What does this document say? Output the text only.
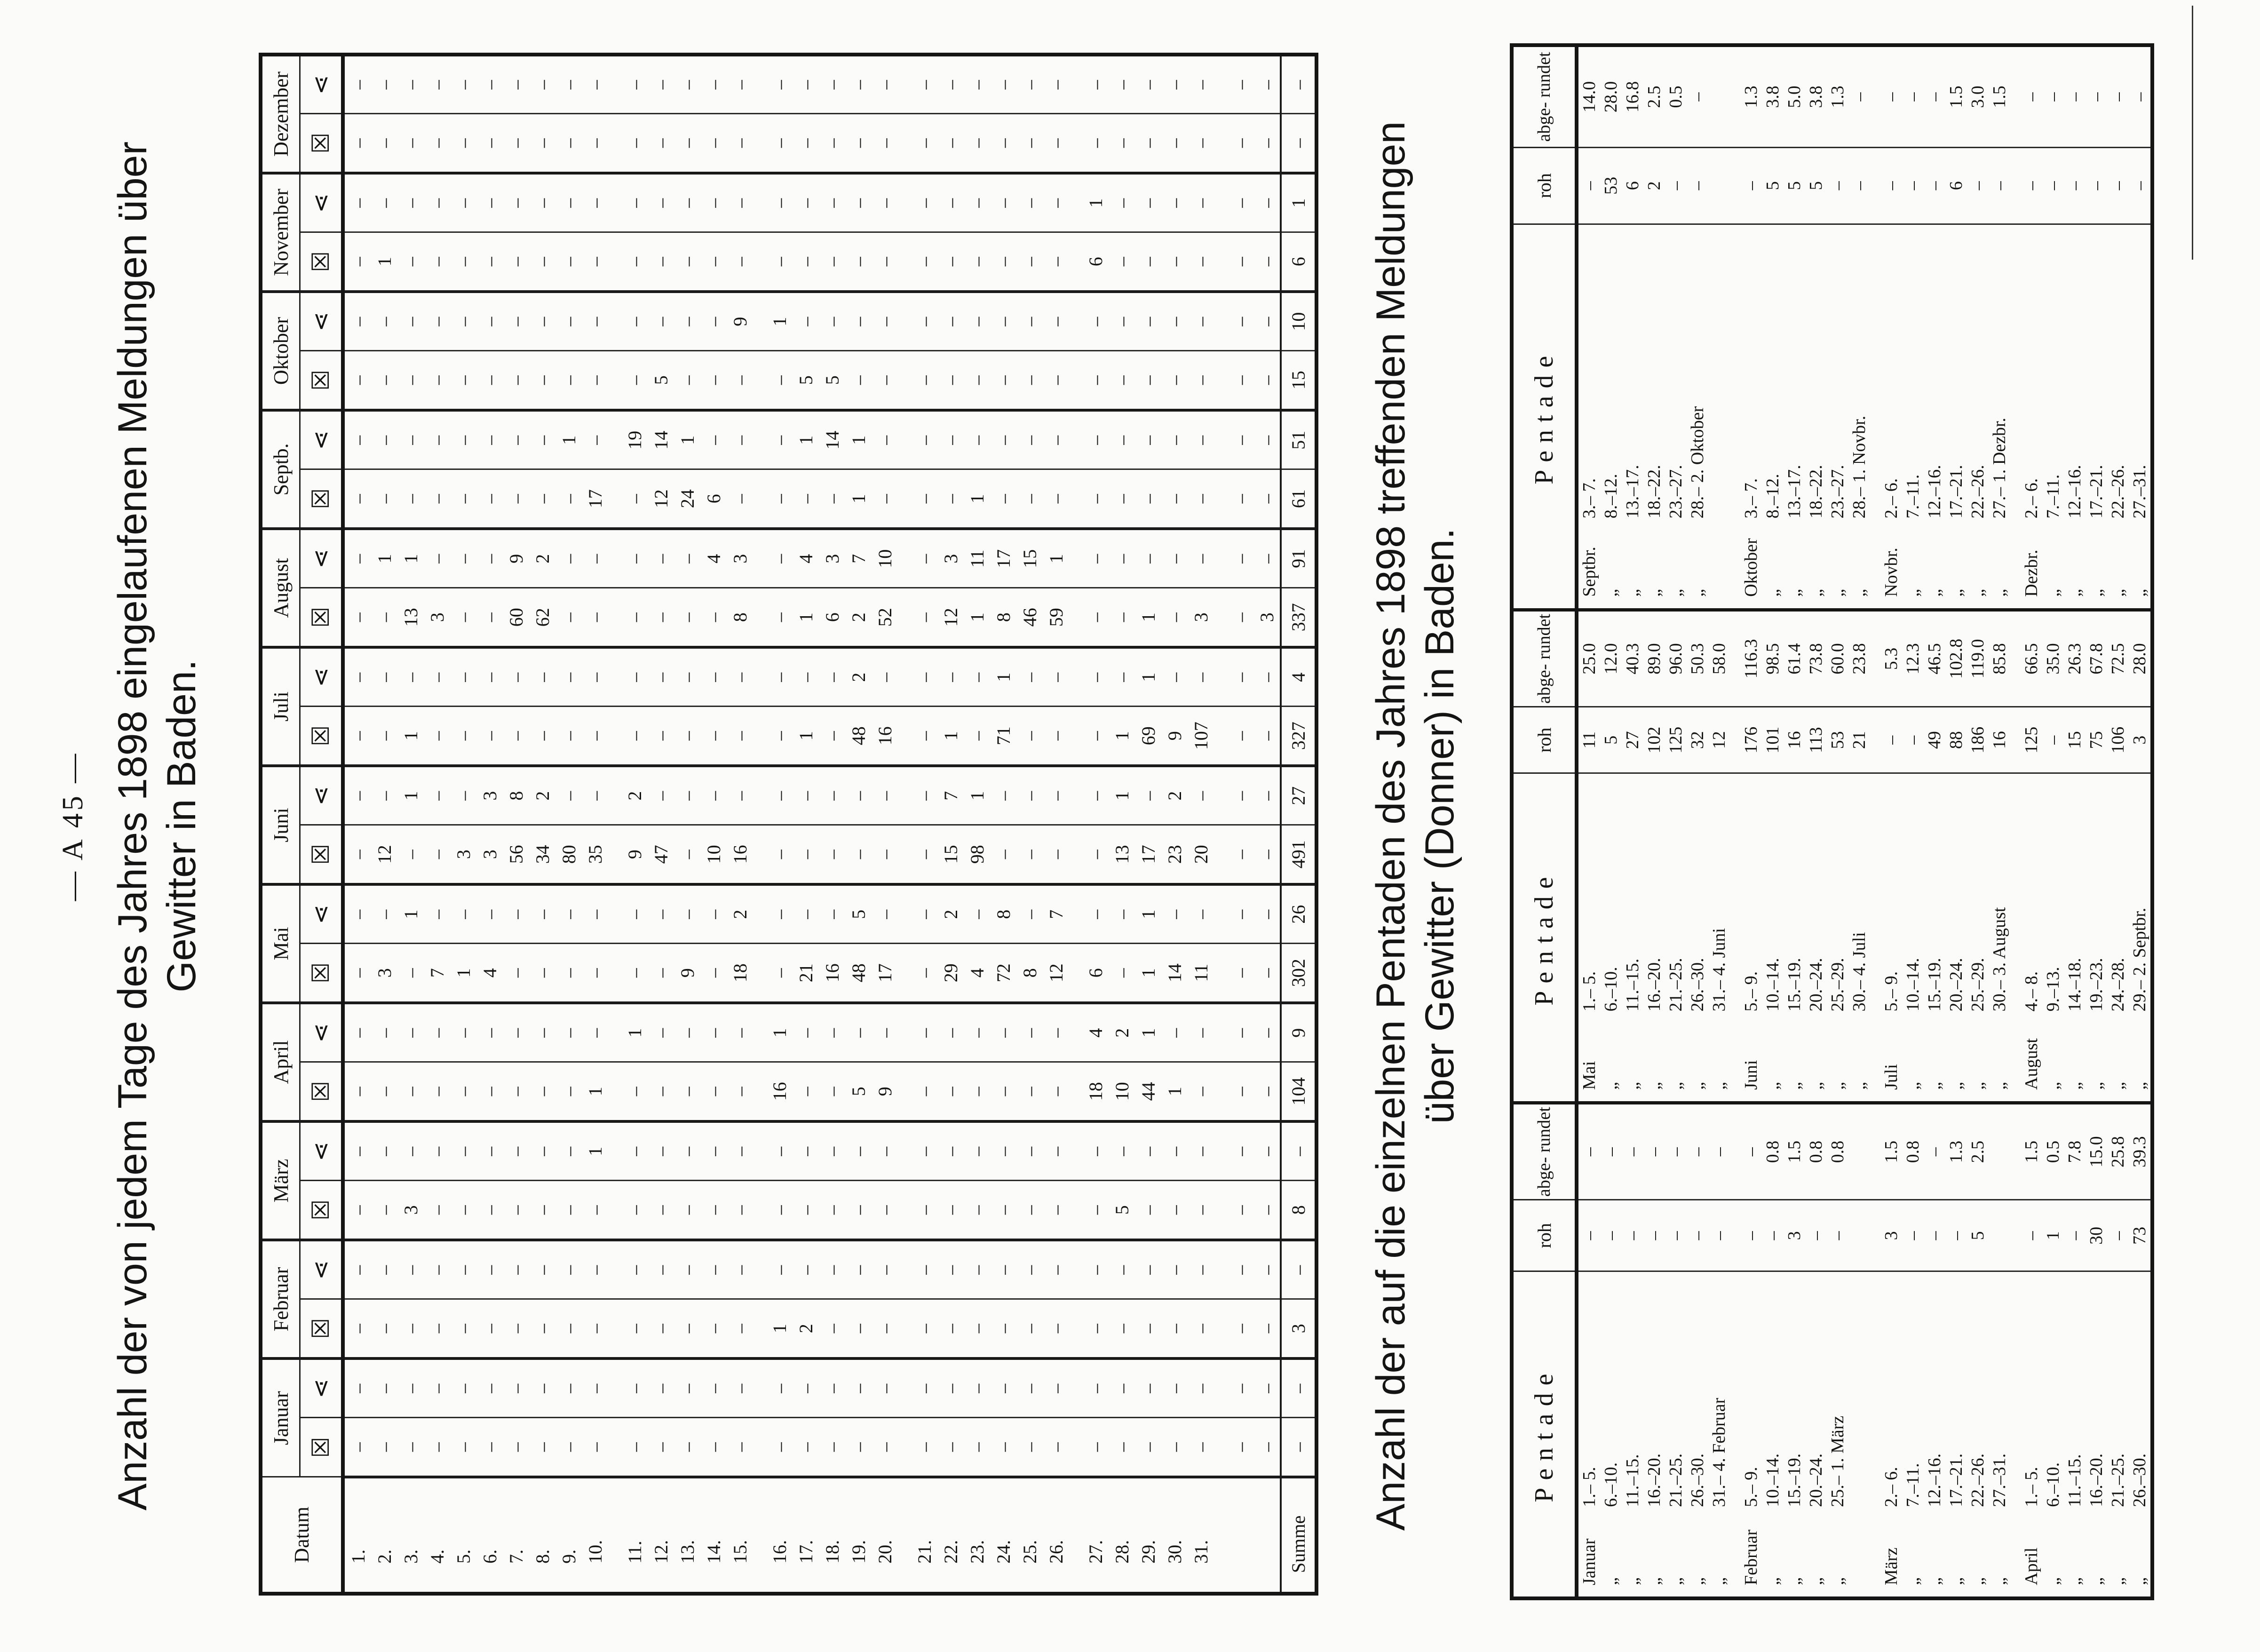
— A 45 — Anzahl der von jedem Tage des Jahres 1898 eingelaufenen Meldungen über Gewitter in Baden.
Datum	Januar		Februar		März		April		Mai		Juni		Juli		August		Septb.		Oktober		November		Dezember	
	☒	⋖	☒	⋖	☒	⋖	☒	⋖	☒	⋖	☒	⋖	☒	⋖	☒	⋖	☒	⋖	☒	⋖	☒	⋖	☒	⋖
1.	–	–	–	–	–	–	–	–	–	–	–	–	–	–	–	–	–	–	–	–	–	–	–	–
2.	–	–	–	–	–	–	–	–	3	–	12	–	–	–	–	1	–	–	–	–	1	–	–	–
3.	–	–	–	–	3	–	–	–	–	1	–	1	1	–	13	1	–	–	–	–	–	–	–	–
4.	–	–	–	–	–	–	–	–	7	–	–	–	–	–	3	–	–	–	–	–	–	–	–	–
5.	–	–	–	–	–	–	–	–	1	–	3	–	–	–	–	–	–	–	–	–	–	–	–	–
6.	–	–	–	–	–	–	–	–	4	–	3	3	–	–	–	–	–	–	–	–	–	–	–	–
7.	–	–	–	–	–	–	–	–	–	–	56	8	–	–	60	9	–	–	–	–	–	–	–	–
8.	–	–	–	–	–	–	–	–	–	–	34	2	–	–	62	2	–	–	–	–	–	–	–	–
9.	–	–	–	–	–	–	–	–	–	–	80	–	–	–	–	–	–	1	–	–	–	–	–	–
10.	–	–	–	–	–	1	1	–	–	–	35	–	–	–	–	–	17	–	–	–	–	–	–	–

11.	–	–	–	–	–	–	–	1	–	–	9	2	–	–	–	–	–	19	–	–	–	–	–	–
12.	–	–	–	–	–	–	–	–	–	–	47	–	–	–	–	–	12	14	5	–	–	–	–	–
13.	–	–	–	–	–	–	–	–	9	–	–	–	–	–	–	–	24	1	–	–	–	–	–	–
14.	–	–	–	–	–	–	–	–	–	–	10	–	–	–	–	4	6	–	–	–	–	–	–	–
15.	–	–	–	–	–	–	–	–	18	2	16	–	–	–	8	3	–	–	–	9	–	–	–	–

16.	–	–	1	–	–	–	16	1	–	–	–	–	–	–	–	–	–	–	–	1	–	–	–	–
17.	–	–	2	–	–	–	–	–	21	–	–	–	1	–	1	4	–	1	5	–	–	–	–	–
18.	–	–	–	–	–	–	–	–	16	–	–	–	–	–	6	3	–	14	5	–	–	–	–	–
19.	–	–	–	–	–	–	5	–	48	5	–	–	48	2	2	7	1	1	–	–	–	–	–	–
20.	–	–	–	–	–	–	9	–	17	–	–	–	16	–	52	10	–	–	–	–	–	–	–	–

21.	–	–	–	–	–	–	–	–	–	–	–	–	–	–	–	–	–	–	–	–	–	–	–	–
22.	–	–	–	–	–	–	–	–	29	2	15	7	1	–	12	3	–	–	–	–	–	–	–	–
23.	–	–	–	–	–	–	–	–	4	–	98	1	–	–	1	11	1	–	–	–	–	–	–	–
24.	–	–	–	–	–	–	–	–	72	8	–	–	71	1	8	17	–	–	–	–	–	–	–	–
25.	–	–	–	–	–	–	–	–	8	–	–	–	–	–	46	15	–	–	–	–	–	–	–	–
26.	–	–	–	–	–	–	–	–	12	7	–	–	–	–	59	1	–	–	–	–	–	–	–	–

27.	–	–	–	–	–	–	18	4	6	–	–	–	–	–	–	–	–	–	–	–	6	1	–	–
28.	–	–	–	–	5	–	10	2	–	–	13	1	1	–	–	–	–	–	–	–	–	–	–	–
29.	–	–	–	–	–	–	44	1	1	1	17	–	69	1	1	–	–	–	–	–	–	–	–	–
30.	–	–	–	–	–	–	1	–	14	–	23	2	9	–	–	–	–	–	–	–	–	–	–	–
31.	–	–	–	–	–	–	–	–	11	–	20	–	107	–	3	–	–	–	–	–	–	–	–	–

	–	–	–	–	–	–	–	–	–	–	–	–	–	–	–	–	–	–	–	–	–	–	–	–
	–	–	–	–	–	–	–	–	–	–	–	–	–	–	3	–	–	–	–	–	–	–	–	–
Summe	–	–	3	–	8	–	104	9	302	26	491	27	327	4	337	91	61	51	15	10	6	1	–	–
Anzahl der auf die einzelnen Pentaden des Jahres 1898 treffenden Meldungen über Gewitter (Donner) in Baden.
Pentade		roh	abge- rundet	Pentade		roh	abge- rundet	Pentade		roh	abge- rundet
Januar	1.– 5.	–	–	Mai	1.– 5.	11	25.0	Septbr.	3.– 7.	–	14.0
„	6.–10.	–	–	„	6.–10.	5	12.0	„	8.–12.	53	28.0
„	11.–15.	–	–	„	11.–15.	27	40.3	„	13.–17.	6	16.8
„	16.–20.	–	–	„	16.–20.	102	89.0	„	18.–22.	2	2.5
„	21.–25.	–	–	„	21.–25.	125	96.0	„	23.–27.	–	0.5
„	26.–30.	–	–	„	26.–30.	32	50.3	„	28.– 2. Oktober	–	–
„	31.– 4. Februar	–	–	„	31.– 4. Juni	12	58.0				

Februar	5.– 9.	–	–	Juni	5.– 9.	176	116.3	Oktober	3.– 7.	–	1.3
„	10.–14.	–	0.8	„	10.–14.	101	98.5	„	8.–12.	5	3.8
„	15.–19.	3	1.5	„	15.–19.	16	61.4	„	13.–17.	5	5.0
„	20.–24.	–	0.8	„	20.–24.	113	73.8	„	18.–22.	5	3.8
„	25.– 1. März	–	0.8	„	25.–29.	53	60.0	„	23.–27.	–	1.3
				„	30.– 4. Juli	21	23.8	„	28.– 1. Novbr.	–	–

März	2.– 6.	3	1.5	Juli	5.– 9.	–	5.3	Novbr.	2.– 6.	–	–
„	7.–11.	–	0.8	„	10.–14.	–	12.3	„	7.–11.	–	–
„	12.–16.	–	–	„	15.–19.	49	46.5	„	12.–16.	–	–
„	17.–21.	–	1.3	„	20.–24.	88	102.8	„	17.–21.	6	1.5
„	22.–26.	5	2.5	„	25.–29.	186	119.0	„	22.–26.	–	3.0
„	27.–31.			„	30.– 3. August	16	85.8	„	27.– 1. Dezbr.	–	1.5

April	1.– 5.	–	1.5	August	4.– 8.	125	66.5	Dezbr.	2.– 6.	–	–
„	6.–10.	1	0.5	„	9.–13.	–	35.0	„	7.–11.	–	–
„	11.–15.	–	7.8	„	14.–18.	15	26.3	„	12.–16.	–	–
„	16.–20.	30	15.0	„	19.–23.	75	67.8	„	17.–21.	–	–
„	21.–25.	–	25.8	„	24.–28.	106	72.5	„	22.–26.	–	–
„	26.–30.	73	39.3	„	29.– 2. Septbr.	3	28.0	„	27.–31.	–	–
